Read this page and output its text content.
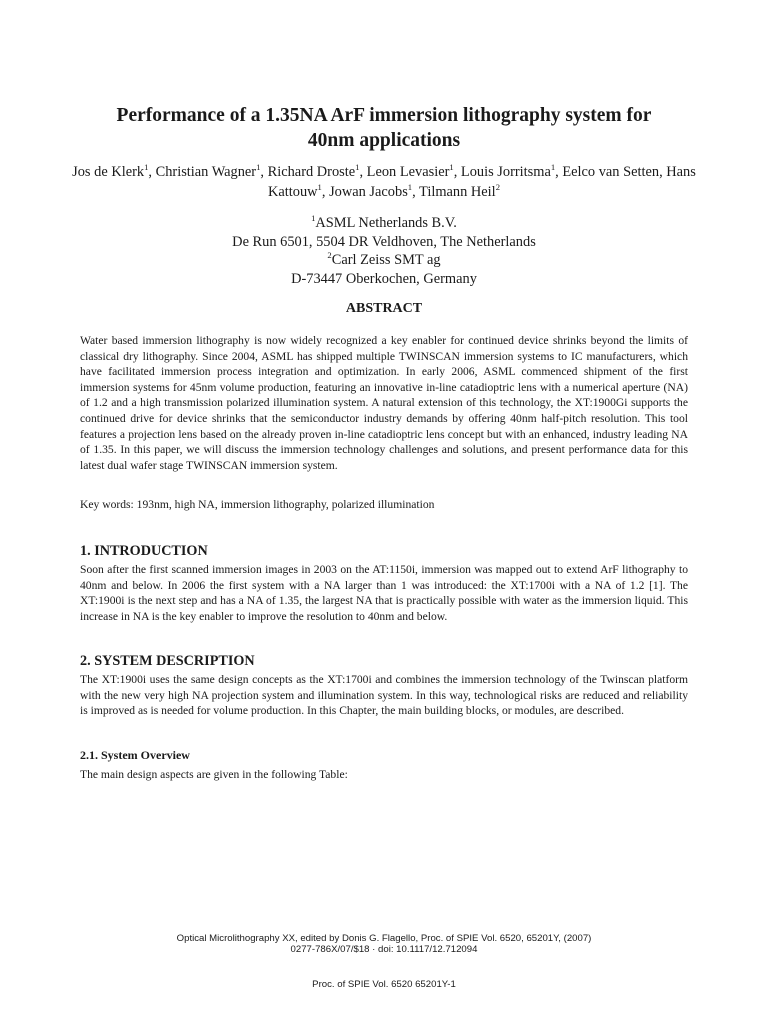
Performance of a 1.35NA ArF immersion lithography system for
40nm applications
Jos de Klerk$^1$, Christian Wagner$^1$, Richard Droste$^1$, Leon Levasier$^1$, Louis Jorritsma$^1$, Eelco van Setten, Hans Kattouw$^1$, Jowan Jacobs$^1$, Tilmann Heil$^2$
$^1$ASML Netherlands B.V.
De Run 6501, 5504 DR Veldhoven, The Netherlands
$^2$Carl Zeiss SMT ag
D-73447 Oberkochen, Germany
ABSTRACT
Water based immersion lithography is now widely recognized a key enabler for continued device shrinks beyond the limits of classical dry lithography. Since 2004, ASML has shipped multiple TWINSCAN immersion systems to IC manufacturers, which have facilitated immersion process integration and optimization. In early 2006, ASML commenced shipment of the first immersion systems for 45nm volume production, featuring an innovative in-line catadioptric lens with a numerical aperture (NA) of 1.2 and a high transmission polarized illumination system. A natural extension of this technology, the XT:1900Gi supports the continued drive for device shrinks that the semiconductor industry demands by offering 40nm half-pitch resolution. This tool features a projection lens based on the already proven in-line catadioptric lens concept but with an enhanced, industry leading NA of 1.35. In this paper, we will discuss the immersion technology challenges and solutions, and present performance data for this latest dual wafer stage TWINSCAN immersion system.
Key words: 193nm, high NA, immersion lithography, polarized illumination
1. INTRODUCTION
Soon after the first scanned immersion images in 2003 on the AT:1150i, immersion was mapped out to extend ArF lithography to 40nm and below. In 2006 the first system with a NA larger than 1 was introduced: the XT:1700i with a NA of 1.2 [1]. The XT:1900i is the next step and has a NA of 1.35, the largest NA that is practically possible with water as the immersion liquid. This increase in NA is the key enabler to improve the resolution to 40nm and below.
2. SYSTEM DESCRIPTION
The XT:1900i uses the same design concepts as the XT:1700i and combines the immersion technology of the Twinscan platform with the new very high NA projection system and illumination system. In this way, technological risks are reduced and reliability is improved as is needed for volume production. In this Chapter, the main building blocks, or modules, are described.
2.1. System Overview
The main design aspects are given in the following Table:
Optical Microlithography XX, edited by Donis G. Flagello, Proc. of SPIE Vol. 6520, 65201Y, (2007)
0277-786X/07/$18 · doi: 10.1117/12.712094
Proc. of SPIE Vol. 6520 65201Y-1
